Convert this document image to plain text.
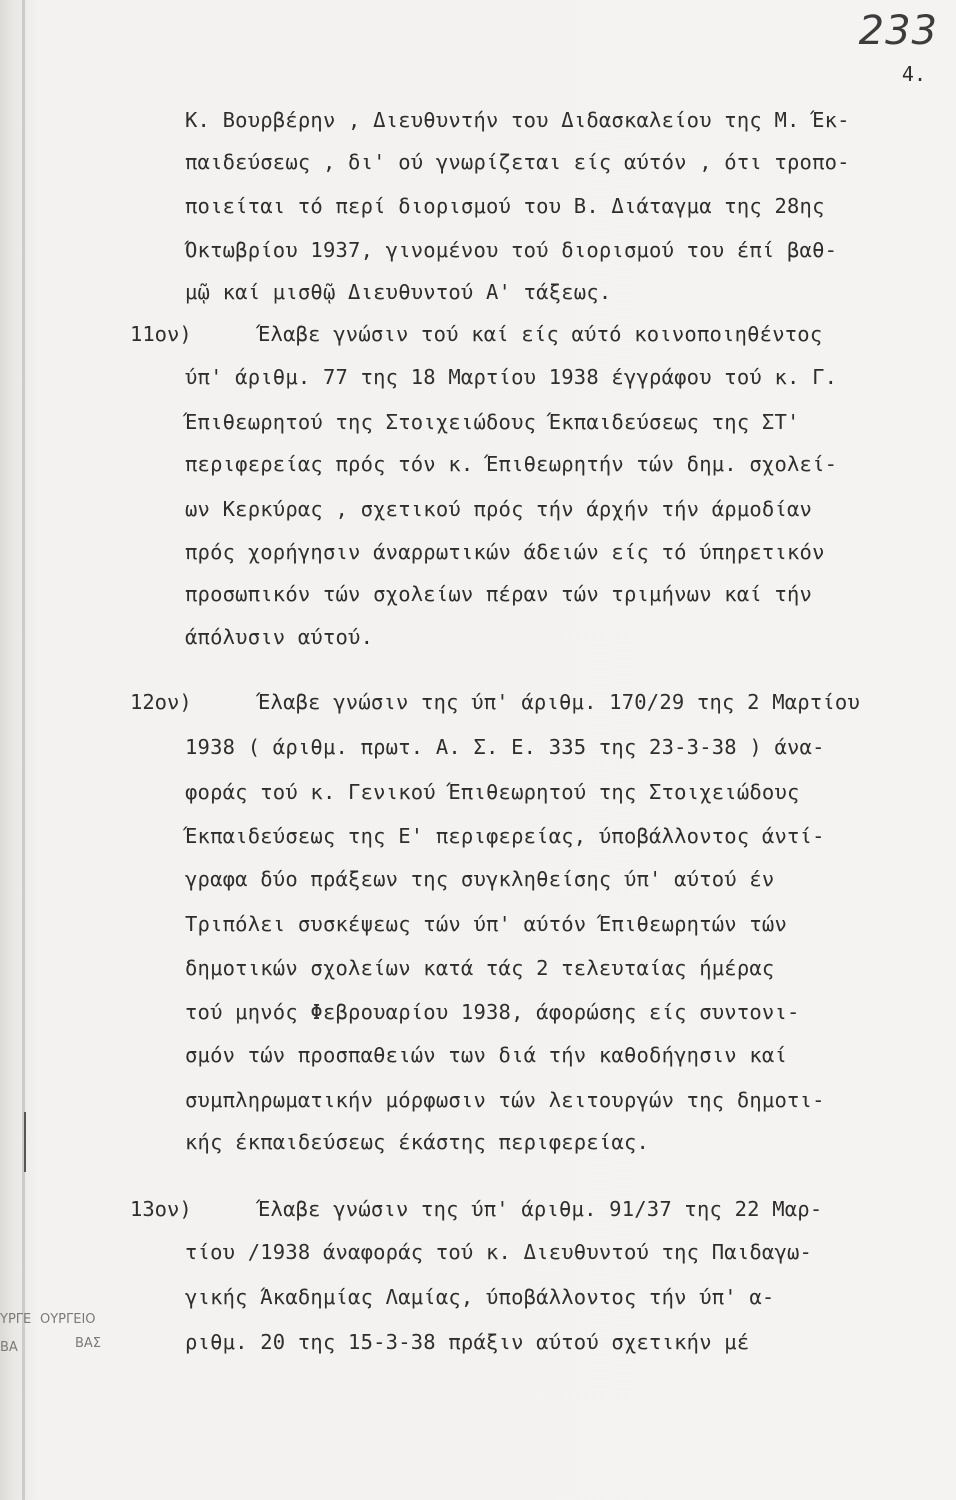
233
4.
11ον)
12ον)
13ον)
Κ. Βουρβέρην , Διευθυντήν του Διδασκαλείου της Μ. Έκ-
παιδεύσεως , δι' ού γνωρίζεται είς αύτόν , ότι τροπο-
ποιείται τό περί διορισμού του Β. Διάταγμα της 28ης
Όκτωβρίου 1937, γινομένου τού διορισμού του έπί βαθ-
μῷ καί μισθῷ Διευθυντού Α' τάξεως.
Έλαβε γνώσιν τού καί είς αύτό κοινοποιηθέντος
ύπ' άριθμ. 77 της 18 Μαρτίου 1938 έγγράφου τού κ. Γ.
Έπιθεωρητού της Στοιχειώδους Έκπαιδεύσεως της ΣΤ'
περιφερείας πρός τόν κ. Έπιθεωρητήν τών δημ. σχολεί-
ων Κερκύρας , σχετικού πρός τήν άρχήν τήν άρμοδίαν
πρός χορήγησιν άναρρωτικών άδειών είς τό ύπηρετικόν
προσωπικόν τών σχολείων πέραν τών τριμήνων καί τήν
άπόλυσιν αύτού.
Έλαβε γνώσιν της ύπ' άριθμ. 170/29 της 2 Μαρτίου
1938 ( άριθμ. πρωτ. Α. Σ. Ε. 335 της 23-3-38 ) άνα-
φοράς τού κ. Γενικού Έπιθεωρητού της Στοιχειώδους
Έκπαιδεύσεως της Ε' περιφερείας, ύποβάλλοντος άντί-
γραφα δύο πράξεων της συγκληθείσης ύπ' αύτού έν
Τριπόλει συσκέψεως τών ύπ' αύτόν Έπιθεωρητών τών
δημοτικών σχολείων κατά τάς 2 τελευταίας ήμέρας
τού μηνός Φεβρουαρίου 1938, άφορώσης είς συντονι-
σμόν τών προσπαθειών των διά τήν καθοδήγησιν καί
συμπληρωματικήν μόρφωσιν τών λειτουργών της δημοτι-
κής έκπαιδεύσεως έκάστης περιφερείας.
Έλαβε γνώσιν της ύπ' άριθμ. 91/37 της 22 Μαρ-
τίου /1938 άναφοράς τού κ. Διευθυντού της Παιδαγω-
γικής Άκαδημίας Λαμίας, ύποβάλλοντος τήν ύπ' α-
ριθμ. 20 της 15-3-38 πράξιν αύτού σχετικήν μέ
ΟΥΡΓΕΙΟ
ΒΑΣ
ΥΡΓΕ
ΒΑ
